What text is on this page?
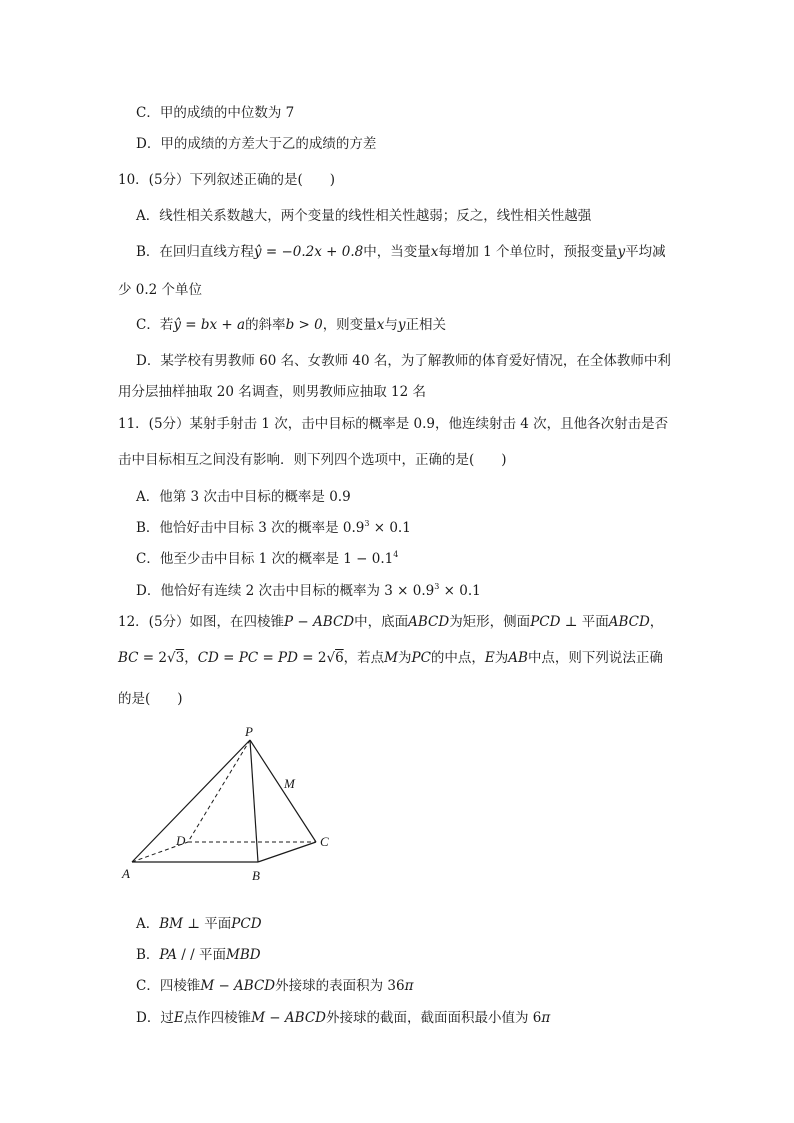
C．甲的成绩的中位数为 7
D．甲的成绩的方差大于乙的成绩的方差
10．(5分）下列叙述正确的是(　　)
A．线性相关系数越大，两个变量的线性相关性越弱；反之，线性相关性越强
B．在回归直线方程ŷ = −0.2x + 0.8中，当变量x每增加 1 个单位时，预报变量y平均减
少 0.2 个单位
C．若ŷ = bx + a的斜率b > 0，则变量x与y正相关
D．某学校有男教师 60 名、女教师 40 名，为了解教师的体育爱好情况，在全体教师中利
用分层抽样抽取 20 名调查，则男教师应抽取 12 名
11．(5分）某射手射击 1 次，击中目标的概率是 0.9，他连续射击 4 次，且他各次射击是否
击中目标相互之间没有影响．则下列四个选项中，正确的是(　　)
A．他第 3 次击中目标的概率是 0.9
B．他恰好击中目标 3 次的概率是 $0.9^3 \times 0.1$
C．他至少击中目标 1 次的概率是 $1 - 0.1^4$
D．他恰好有连续 2 次击中目标的概率为 $3 \times 0.9^3 \times 0.1$
12．(5分）如图，在四棱锥P − ABCD中，底面ABCD为矩形，侧面PCD ⊥ 平面ABCD，
BC = 2√3，CD = PC = PD = 2√6，若点M为PC的中点，E为AB中点，则下列说法正确
的是(　　)
P
M
D	C
A	B
A．BM ⊥ 平面PCD
B．PA / / 平面MBD
C．四棱锥M − ABCD外接球的表面积为 36π
D．过E点作四棱锥M − ABCD外接球的截面，截面面积最小值为 6π
